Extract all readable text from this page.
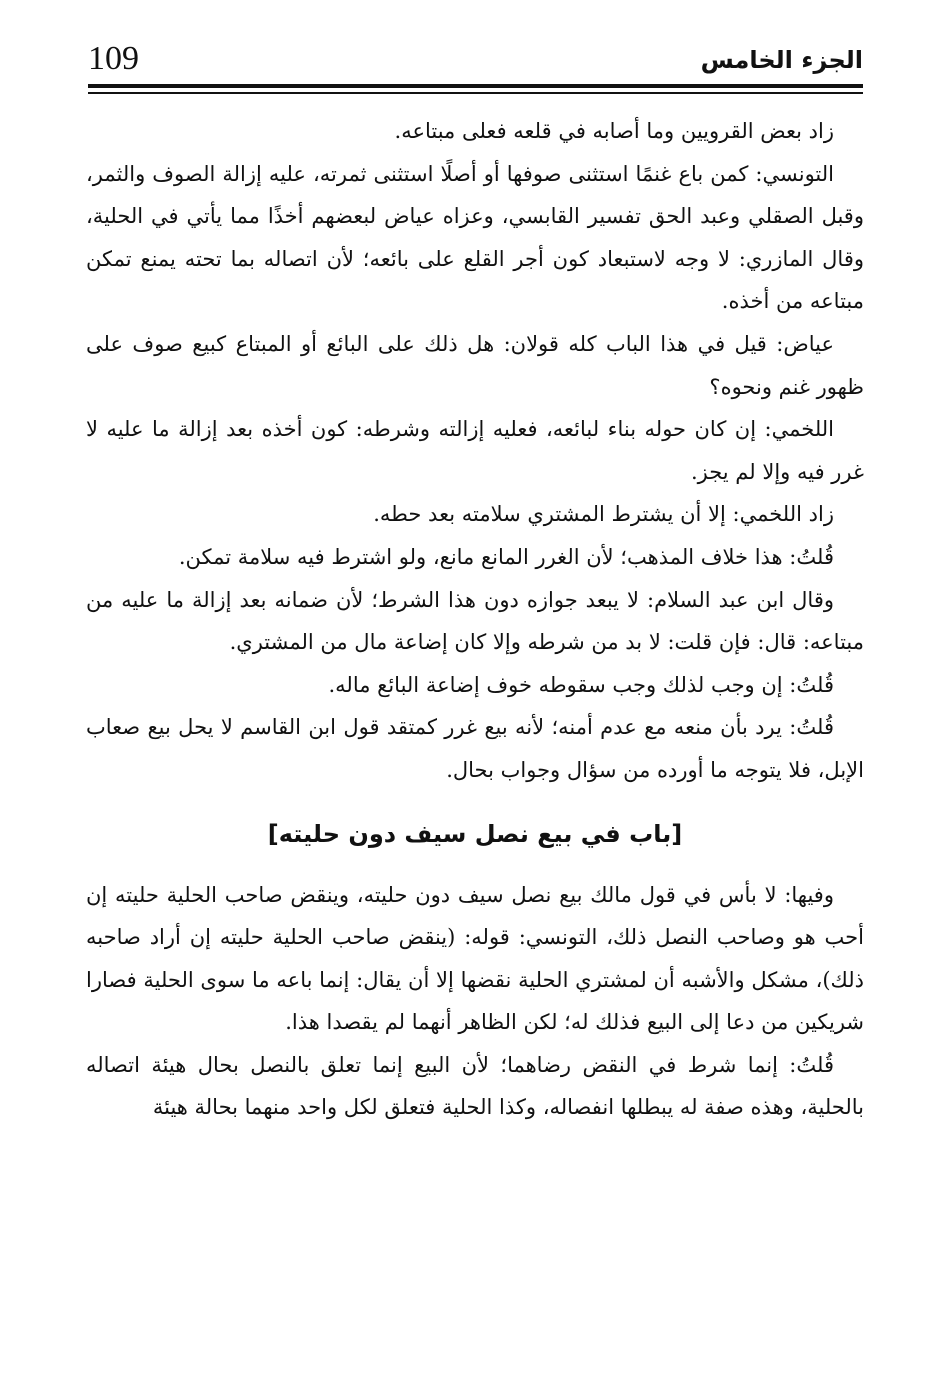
109	الجزء الخامس

زاد بعض القرويين وما أصابه في قلعه فعلى مبتاعه.

التونسي: كمن باع غنمًا استثنى صوفها أو أصلًا استثنى ثمرته، عليه إزالة الصوف والثمر، وقبل الصقلي وعبد الحق تفسير القابسي، وعزاه عياض لبعضهم أخذًا مما يأتي في الحلية، وقال المازري: لا وجه لاستبعاد كون أجر القلع على بائعه؛ لأن اتصاله بما تحته يمنع تمكن مبتاعه من أخذه.

عياض: قيل في هذا الباب كله قولان: هل ذلك على البائع أو المبتاع كبيع صوف على ظهور غنم ونحوه؟

اللخمي: إن كان حوله بناء لبائعه، فعليه إزالته وشرطه: كون أخذه بعد إزالة ما عليه لا غرر فيه وإلا لم يجز.

زاد اللخمي: إلا أن يشترط المشتري سلامته بعد حطه.

قُلتُ: هذا خلاف المذهب؛ لأن الغرر المانع مانع، ولو اشترط فيه سلامة تمكن.

وقال ابن عبد السلام: لا يبعد جوازه دون هذا الشرط؛ لأن ضمانه بعد إزالة ما عليه من مبتاعه: قال: فإن قلت: لا بد من شرطه وإلا كان إضاعة مال من المشتري.

قُلتُ: إن وجب لذلك وجب سقوطه خوف إضاعة البائع ماله.

قُلتُ: يرد بأن منعه مع عدم أمنه؛ لأنه بيع غرر كمتقد قول ابن القاسم لا يحل بيع صعاب الإبل، فلا يتوجه ما أورده من سؤال وجواب بحال.

[باب في بيع نصل سيف دون حليته]

وفيها: لا بأس في قول مالك بيع نصل سيف دون حليته، وينقض صاحب الحلية حليته إن أحب هو وصاحب النصل ذلك، التونسي: قوله: (ينقض صاحب الحلية حليته إن أراد صاحبه ذلك)، مشكل والأشبه أن لمشتري الحلية نقضها إلا أن يقال: إنما باعه ما سوى الحلية فصارا شريكين من دعا إلى البيع فذلك له؛ لكن الظاهر أنهما لم يقصدا هذا.

قُلتُ: إنما شرط في النقض رضاهما؛ لأن البيع إنما تعلق بالنصل بحال هيئة اتصاله بالحلية، وهذه صفة له يبطلها انفصاله، وكذا الحلية فتعلق لكل واحد منهما بحالة هيئة
